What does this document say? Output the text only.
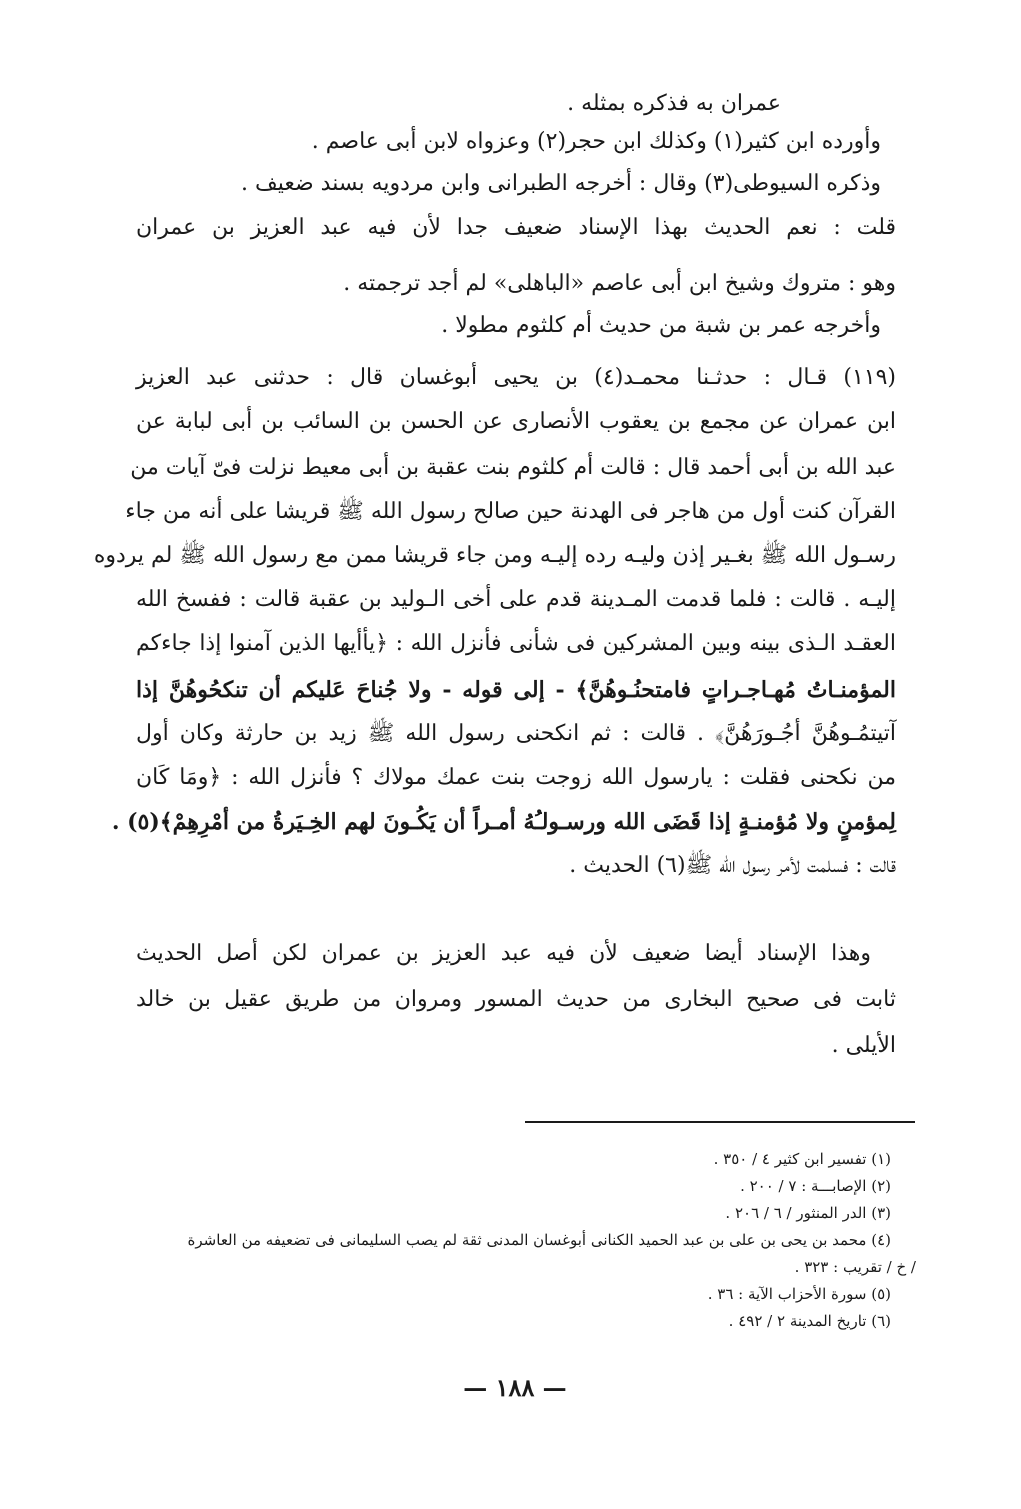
عمران به فذكره بمثله .
وأورده ابن كثير(١) وكذلك ابن حجر(٢) وعزواه لابن أبى عاصم .
وذكره السيوطى(٣) وقال : أخرجه الطبرانى وابن مردويه بسند ضعيف .
قلت : نعم الحديث بهذا الإسناد ضعيف جدا لأن فيه عبد العزيز بن عمران
وهو : متروك وشيخ ابن أبى عاصم «الباهلى» لم أجد ترجمته .
وأخرجه عمر بن شبة من حديث أم كلثوم مطولا .
(١١٩) قـال : حدثـنا محمـد(٤) بن يحيى أبوغسان قال : حدثنى عبد العزيز
ابن عمران عن مجمع بن يعقوب الأنصارى عن الحسن بن السائب بن أبى لبابة عن
عبد الله بن أبى أحمد قال : قالت أم كلثوم بنت عقبة بن أبى معيط نزلت فىّ آيات من
القرآن كنت أول من هاجر فى الهدنة حين صالح رسول الله ﷺ قريشا على أنه من جاء
رسـول الله ﷺ بغـير إذن وليـه رده إليـه ومن جاء قريشا ممن مع رسول الله ﷺ لم يردوه
إليـه . قالت : فلما قدمت المـدينة قدم على أخى الـوليد بن عقبة قالت : ففسخ الله
العقـد الـذى بينه وبين المشركين فى شأنى فأنزل الله : ﴿يأأيها الذين آمنوا إذا جاءكم
المؤمنـاتُ مُهـاجـراتٍ فامتحنُـوهُنَّ﴾ - إلى قوله - ولا جُناحَ عَليكم أن تنكحُوهُنَّ إذا
آتيتمُـوهُنَّ أجُـورَهُنَّ﴾ . قالت : ثم انكحنى رسول الله ﷺ زيد بن حارثة وكان أول
من نكحنى فقلت : يارسول الله زوجت بنت عمك مولاك ؟ فأنزل الله : ﴿ومَا كَان
لِمؤمنٍ ولا مُؤمنـةٍ إذا قَضَى الله ورسـولـُهُ أمـراً أن يَكُـونَ لهم الخِـيَرةُ من أمْرِهِمْ﴾(٥) .
قالت : فسلمت لأمر رسول الله ﷺ(٦) الحديث .
وهذا الإسناد أيضا ضعيف لأن فيه عبد العزيز بن عمران لكن أصل الحديث
ثابت فى صحيح البخارى من حديث المسور ومروان من طريق عقيل بن خالد
الأيلى .
(١) تفسير ابن كثير ٤ / ٣٥٠ .
(٢) الإصابـــة : ٧ / ٢٠٠ .
(٣) الدر المنثور / ٦ / ٢٠٦ .
(٤) محمد بن يحى بن على بن عبد الحميد الكنانى أبوغسان المدنى ثقة لم يصب السليمانى فى تضعيفه من العاشرة
/ خ / تقريب : ٣٢٣ .
(٥) سورة الأحزاب الآية : ٣٦ .
(٦) تاريخ المدينة ٢ / ٤٩٢ .
— ١٨٨ —
